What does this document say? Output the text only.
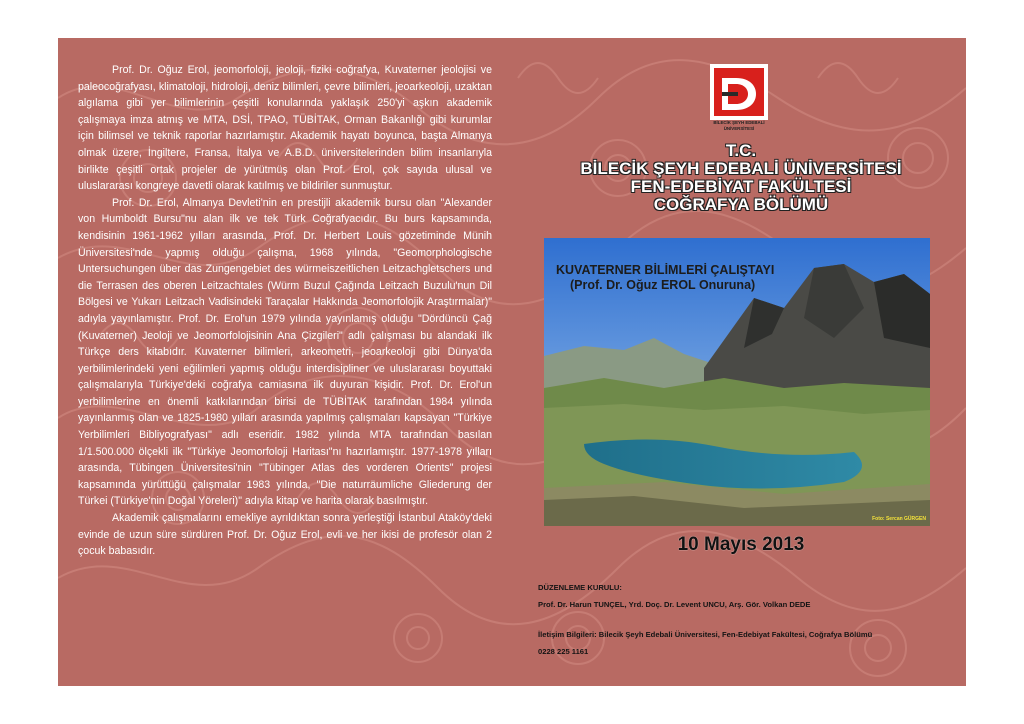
Prof. Dr. Oğuz Erol, jeomorfoloji, jeoloji, fiziki coğrafya, Kuvaterner jeolojisi ve paleocoğrafyası, klimatoloji, hidroloji, deniz bilimleri, çevre bilimleri, jeoarkeoloji, uzaktan algılama gibi yer bilimlerinin çeşitli konularında yaklaşık 250'yi aşkın akademik çalışmaya imza atmış ve MTA, DSİ, TPAO, TÜBİTAK, Orman Bakanlığı gibi kurumlar için bilimsel ve teknik raporlar hazırlamıştır. Akademik hayatı boyunca, başta Almanya olmak üzere, İngiltere, Fransa, İtalya ve A.B.D. üniversitelerinden bilim insanlarıyla birlikte çeşitli ortak projeler de yürütmüş olan Prof. Erol, çok sayıda ulusal ve uluslararası kongreye davetli olarak katılmış ve bildiriler sunmuştur.

Prof. Dr. Erol, Almanya Devleti'nin en prestijli akademik bursu olan "Alexander von Humboldt Bursu"nu alan ilk ve tek Türk Coğrafyacıdır. Bu burs kapsamında, kendisinin 1961-1962 yılları arasında, Prof. Dr. Herbert Louis gözetiminde Münih Üniversitesi'nde yapmış olduğu çalışma, 1968 yılında, "Geomorphologische Untersuchungen über das Zungengebiet des würmeiszeitlichen Leitzachgletschers und die Terrasen des oberen Leitzachtales (Würm Buzul Çağında Leitzach Buzulu'nun Dil Bölgesi ve Yukarı Leitzach Vadisindeki Taraçalar Hakkında Jeomorfolojik Araştırmalar)" adıyla yayınlamıştır. Prof. Dr. Erol'un 1979 yılında yayınlamış olduğu "Dördüncü Çağ (Kuvaterner) Jeoloji ve Jeomorfolojisinin Ana Çizgileri" adlı çalışması bu alandaki ilk Türkçe ders kitabıdır. Kuvaterner bilimleri, arkeometri, jeoarkeoloji gibi Dünya'da yerbilimlerindeki yeni eğilimleri yapmış olduğu interdisipliner ve uluslararası boyuttaki çalışmalarıyla Türkiye'deki coğrafya camiasına ilk duyuran kişidir. Prof. Dr. Erol'un yerbilimlerine en önemli katkılarından birisi de TÜBİTAK tarafından 1984 yılında yayınlanmış olan ve 1825-1980 yılları arasında yapılmış çalışmaları kapsayan "Türkiye Yerbilimleri Bibliyografyası" adlı eseridir. 1982 yılında MTA tarafından basılan 1/1.500.000 ölçekli ilk "Türkiye Jeomorfoloji Haritası"nı hazırlamıştır. 1977-1978 yılları arasında, Tübingen Üniversitesi'nin "Tübinger Atlas des vorderen Orients" projesi kapsamında yürüttüğü çalışmalar 1983 yılında, "Die naturräumliche Gliederung der Türkei (Türkiye'nin Doğal Yöreleri)" adıyla kitap ve harita olarak basılmıştır.

Akademik çalışmalarını emekliye ayrıldıktan sonra yerleştiği İstanbul Ataköy'deki evinde de uzun süre sürdüren Prof. Dr. Oğuz Erol, evli ve her ikisi de profesör olan 2 çocuk babasıdır.

BİLECİK ŞEYH EDEBALİ
ÜNİVERSİTESİ
T.C.
BİLECİK ŞEYH EDEBALİ ÜNİVERSİTESİ
FEN-EDEBİYAT FAKÜLTESİ
COĞRAFYA BÖLÜMÜ
KUVATERNER BİLİMLERİ ÇALIŞTAYI
(Prof. Dr. Oğuz EROL Onuruna)
Foto: Sercan GÜRGEN
10 Mayıs 2013
DÜZENLEME KURULU:
Prof. Dr. Harun TUNÇEL, Yrd. Doç. Dr. Levent UNCU, Arş. Gör. Volkan DEDE
İletişim Bilgileri: Bilecik Şeyh Edebali Üniversitesi, Fen-Edebiyat Fakültesi, Coğrafya Bölümü
0228 225 1161
